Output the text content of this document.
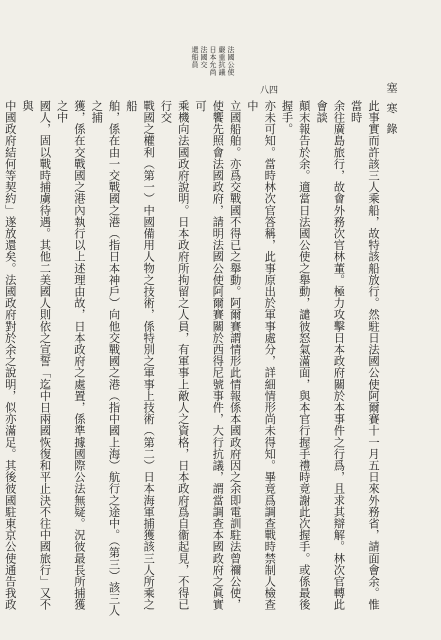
塞 寒 錄
八四
法國公使
嚴重抗議
日本允尚
法國交
還船員
此事實而許該三人乘船，故特該船放行。然駐日法國公使阿爾賽十一月五日來外務省，請面會余。惟當時
余往廣島旅行，故會外務次官林董。極力攻擊日本政府關於本事件之行爲，且求其辯解。林次官轉此會談
顛末報告於余。適當日法國公使之舉動，譴彼怒氣滿面，與本官行握手禮時竟謝此次握手。或係最後握手。
亦未可知。當時林次官答稱，此事原出於軍事處分，詳細情形尚未得知。畢竟爲調查戰時禁制人檢查中
立國船舶。亦爲交戰國不得已之舉動。阿爾賽謂情形此情報係本國政府因之余即電訓駐法曾禰公使，
使饗先照會法國政府，請明法國公使阿爾賽關於西得尼號事件，大行抗議，謂當調查本國政府之眞實可
乘機向法國政府說明。日本政府所拘留之人員，有軍事上敵人之資格，日本政府爲自衞起見，不得已行交
戰國之權利（第一）中國備用人物之技術，係特別之軍事上技術（第二）日本海軍捕獲該三人所乘之船
舶，係在由一交戰國之港（指日本神戶）向他交戰國之港（指中國上海）航行之途中。（第三）該三人之捕
獲，係在交戰國之港內執行以上述理由故，日本政府之處置，係準據國際公法無疑。況彼最長所捕獲之中
國人，固以戰時捕虜待遇。其他二美國人則依之宣誓「迄中日兩國恢復和平止決不往中國旅行」又不與
中國政府結何等契約」遂放還矣。法國政府對於余之說明，似亦滿足。其後彼國駐東京公使通告我政
